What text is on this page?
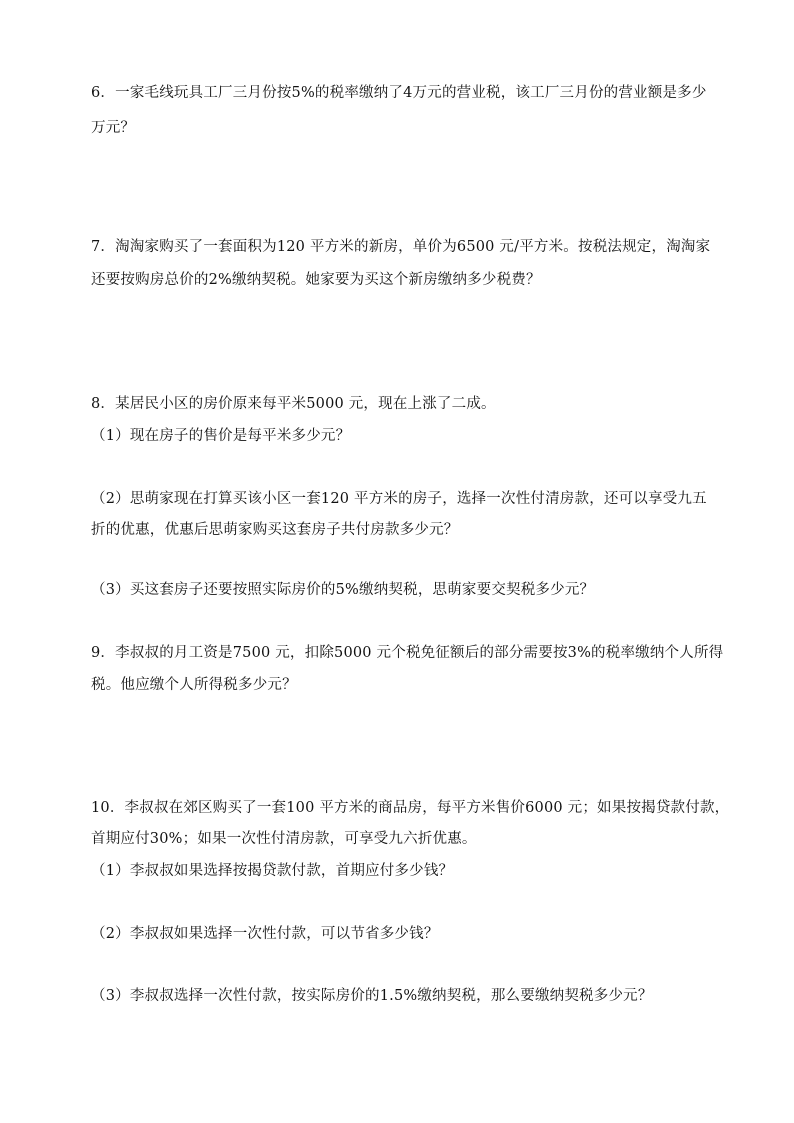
6．一家毛线玩具工厂三月份按5%的税率缴纳了4万元的营业税，该工厂三月份的营业额是多少
万元？
7．淘淘家购买了一套面积为120 平方米的新房，单价为6500 元/平方米。按税法规定，淘淘家
还要按购房总价的2%缴纳契税。她家要为买这个新房缴纳多少税费？
8．某居民小区的房价原来每平米5000 元，现在上涨了二成。
（1）现在房子的售价是每平米多少元？
（2）思萌家现在打算买该小区一套120 平方米的房子，选择一次性付清房款，还可以享受九五
折的优惠，优惠后思萌家购买这套房子共付房款多少元？
（3）买这套房子还要按照实际房价的5%缴纳契税，思萌家要交契税多少元？
9．李叔叔的月工资是7500 元，扣除5000 元个税免征额后的部分需要按3%的税率缴纳个人所得
税。他应缴个人所得税多少元？
10．李叔叔在郊区购买了一套100 平方米的商品房，每平方米售价6000 元；如果按揭贷款付款，
首期应付30%；如果一次性付清房款，可享受九六折优惠。
（1）李叔叔如果选择按揭贷款付款，首期应付多少钱？
（2）李叔叔如果选择一次性付款，可以节省多少钱？
（3）李叔叔选择一次性付款，按实际房价的1.5%缴纳契税，那么要缴纳契税多少元？
